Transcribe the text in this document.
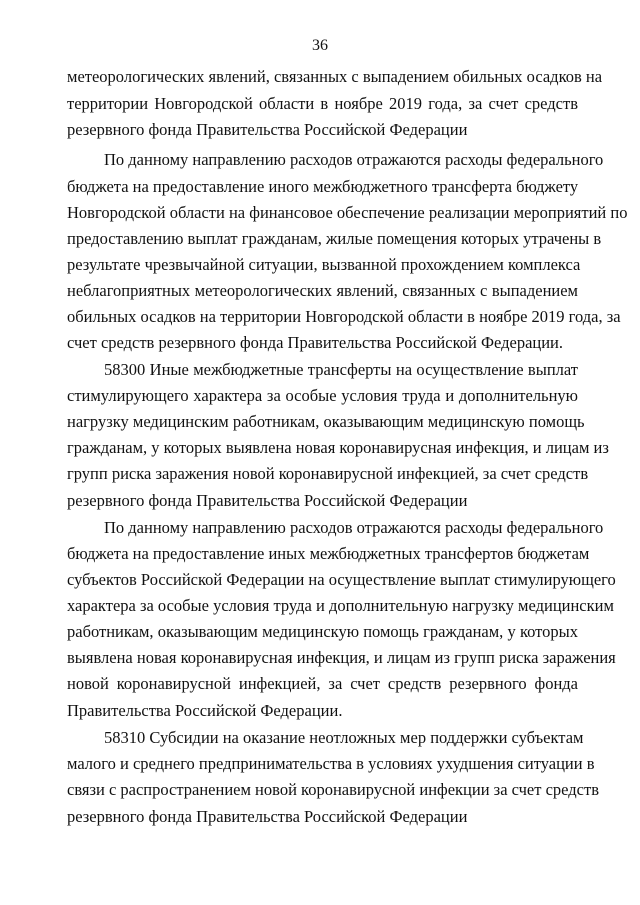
36
метеорологических явлений, связанных с выпадением обильных осадков на
территории Новгородской области в ноябре 2019 года, за счет средств
резервного фонда Правительства Российской Федерации
По данному направлению расходов отражаются расходы федерального
бюджета на предоставление иного межбюджетного трансферта бюджету
Новгородской области на финансовое обеспечение реализации мероприятий по
предоставлению выплат гражданам, жилые помещения которых утрачены в
результате чрезвычайной ситуации, вызванной прохождением комплекса
неблагоприятных метеорологических явлений, связанных с выпадением
обильных осадков на территории Новгородской области в ноябре 2019 года, за
счет средств резервного фонда Правительства Российской Федерации.
58300 Иные межбюджетные трансферты на осуществление выплат
стимулирующего характера за особые условия труда и дополнительную
нагрузку медицинским работникам, оказывающим медицинскую помощь
гражданам, у которых выявлена новая коронавирусная инфекция, и лицам из
групп риска заражения новой коронавирусной инфекцией, за счет средств
резервного фонда Правительства Российской Федерации
По данному направлению расходов отражаются расходы федерального
бюджета на предоставление иных межбюджетных трансфертов бюджетам
субъектов Российской Федерации на осуществление выплат стимулирующего
характера за особые условия труда и дополнительную нагрузку медицинским
работникам, оказывающим медицинскую помощь гражданам, у которых
выявлена новая коронавирусная инфекция, и лицам из групп риска заражения
новой коронавирусной инфекцией, за счет средств резервного фонда
Правительства Российской Федерации.
58310 Субсидии на оказание неотложных мер поддержки субъектам
малого и среднего предпринимательства в условиях ухудшения ситуации в
связи с распространением новой коронавирусной инфекции за счет средств
резервного фонда Правительства Российской Федерации
